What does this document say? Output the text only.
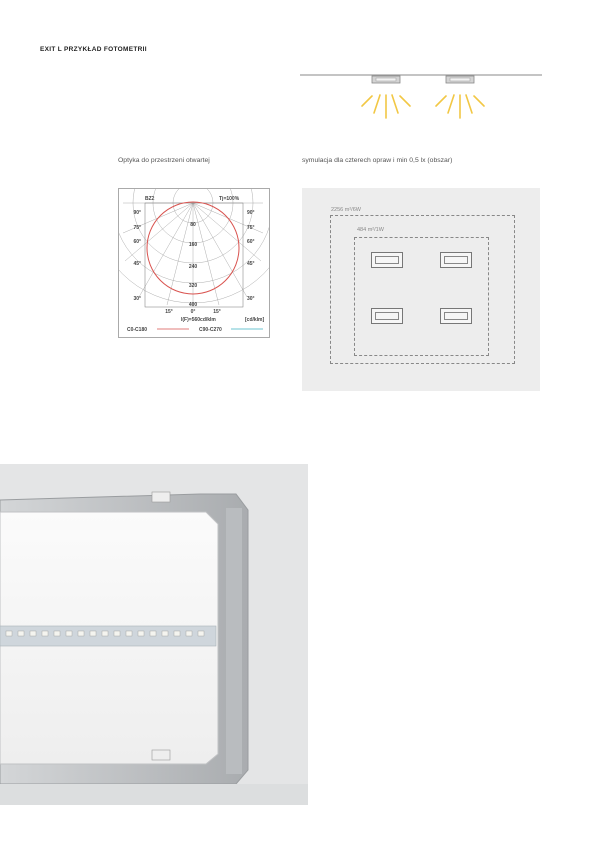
EXIT L PRZYKŁAD FOTOMETRII
Optyka do przestrzeni otwartej	symulacja dla czterech opraw i min 0,5 lx (obszar)
BZ2	Tj=100%
80
160
240
320
400
90°
75°
60°
45°
30°
90°
75°
60°
45°
30°
15°	0°	15°
I(F)=560cd/klm	[cd/klm]
C0-C180	C90-C270
2256 m²/6W
484 m²/1W
